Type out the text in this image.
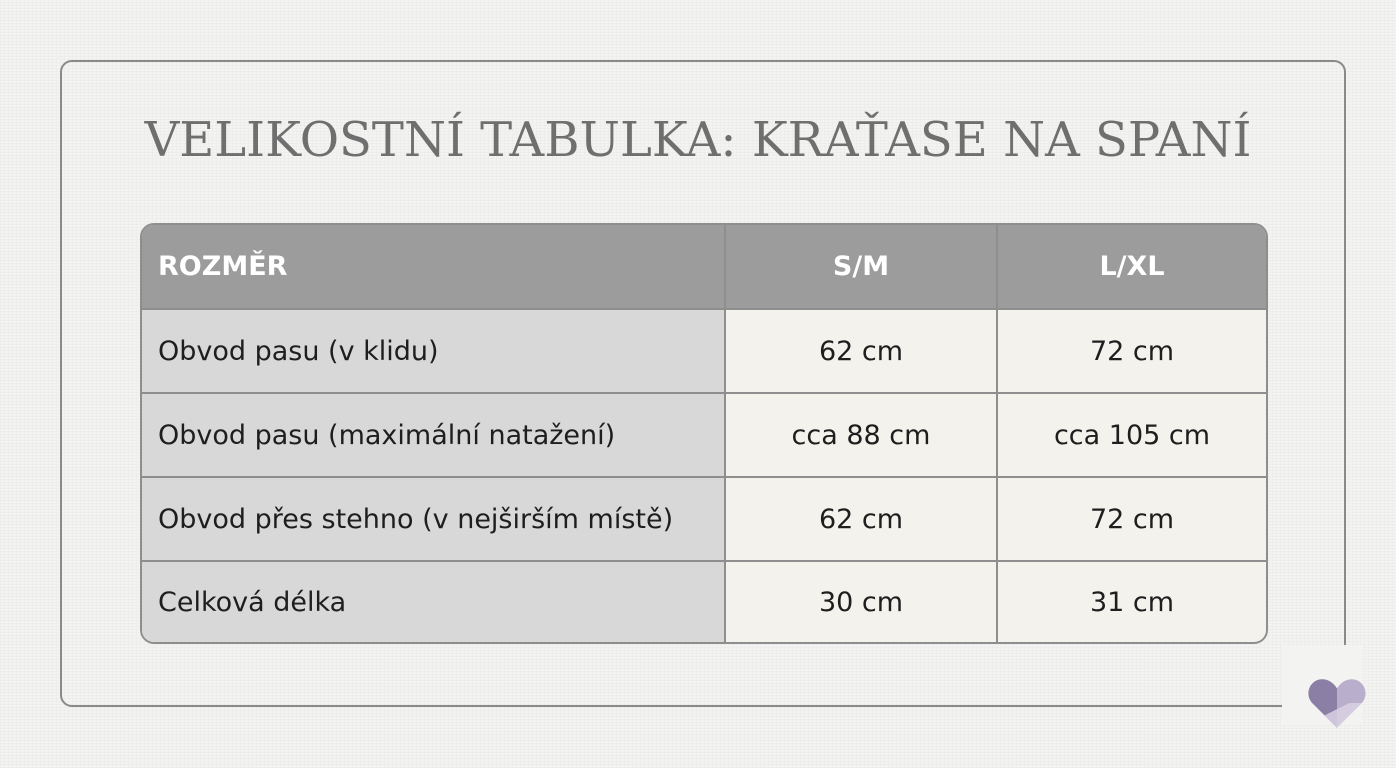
VELIKOSTNÍ TABULKA: KRAŤASE NA SPANÍ
ROZMĚR	S/M	L/XL
Obvod pasu (v klidu)	62 cm	72 cm
Obvod pasu (maximální natažení)	cca 88 cm	cca 105 cm
Obvod přes stehno (v nejširším místě)	62 cm	72 cm
Celková délka	30 cm	31 cm
